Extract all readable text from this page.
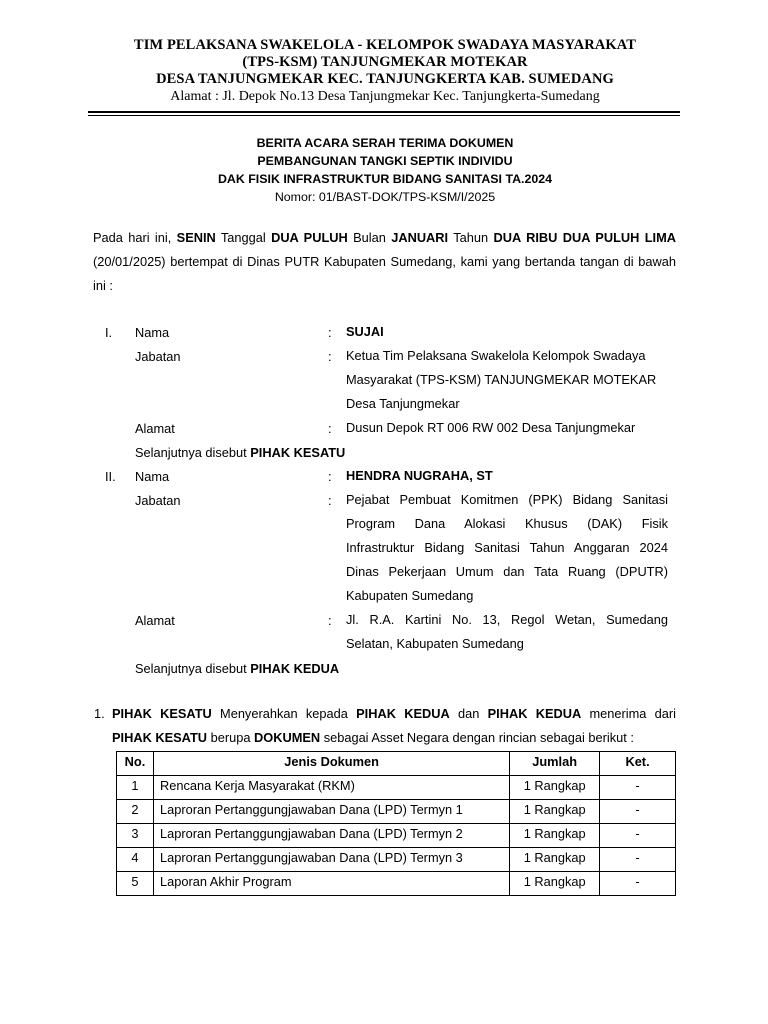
TIM PELAKSANA SWAKELOLA - KELOMPOK SWADAYA MASYARAKAT
(TPS-KSM) TANJUNGMEKAR MOTEKAR
DESA TANJUNGMEKAR KEC. TANJUNGKERTA KAB. SUMEDANG
Alamat : Jl. Depok No.13 Desa Tanjungmekar Kec. Tanjungkerta-Sumedang
BERITA ACARA SERAH TERIMA DOKUMEN
PEMBANGUNAN TANGKI SEPTIK INDIVIDU
DAK FISIK INFRASTRUKTUR BIDANG SANITASI TA.2024
Nomor: 01/BAST-DOK/TPS-KSM/I/2025
Pada hari ini, SENIN Tanggal DUA PULUH Bulan JANUARI Tahun DUA RIBU DUA PULUH LIMA (20/01/2025) bertempat di Dinas PUTR Kabupaten Sumedang, kami yang bertanda tangan di bawah ini :
I. Nama	: SUJAI
Jabatan	: Ketua Tim Pelaksana Swakelola Kelompok Swadaya
Masyarakat (TPS-KSM) TANJUNGMEKAR MOTEKAR
Desa Tanjungmekar
Alamat	: Dusun Depok RT 006 RW 002 Desa Tanjungmekar
Selanjutnya disebut PIHAK KESATU
II. Nama	: HENDRA NUGRAHA, ST
Jabatan	: Pejabat Pembuat Komitmen (PPK) Bidang Sanitasi
Program Dana Alokasi Khusus (DAK) Fisik
Infrastruktur Bidang Sanitasi Tahun Anggaran 2024
Dinas Pekerjaan Umum dan Tata Ruang (DPUTR)
Kabupaten Sumedang
Alamat	: Jl. R.A. Kartini No. 13, Regol Wetan, Sumedang
Selatan, Kabupaten Sumedang
Selanjutnya disebut PIHAK KEDUA
1. PIHAK KESATU Menyerahkan kepada PIHAK KEDUA dan PIHAK KEDUA menerima dari
PIHAK KESATU berupa DOKUMEN sebagai Asset Negara dengan rincian sebagai berikut :
No.	Jenis Dokumen	Jumlah	Ket.
1	Rencana Kerja Masyarakat (RKM)	1 Rangkap	-
2	Laproran Pertanggungjawaban Dana (LPD) Termyn 1	1 Rangkap	-
3	Laproran Pertanggungjawaban Dana (LPD) Termyn 2	1 Rangkap	-
4	Laproran Pertanggungjawaban Dana (LPD) Termyn 3	1 Rangkap	-
5	Laporan Akhir Program	1 Rangkap	-
